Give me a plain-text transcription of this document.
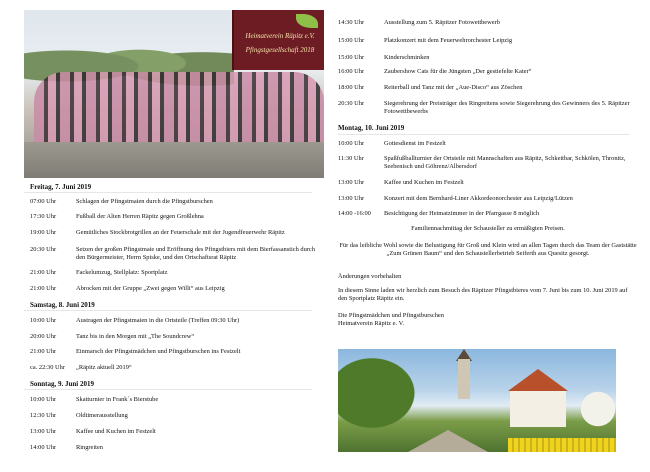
Heimatverein Räpitz e.V.
Pfingstgesellschaft 2018
Freitag, 7. Juni 2019
07:00 Uhr	Schlagen der Pfingstmaien durch die Pfingstburschen
17:30 Uhr	Fußball der Alten Herren Räpitz gegen Großlehna
19:00 Uhr	Gemütliches Stockbrotgrillen an der Feuerschale mit der Jugendfeuerwehr Räpitz
20:30 Uhr	Setzen der großen Pfingstmaie und Eröffnung des Pfingstbiers mit dem Bierfassanstich durch den Bürgermeister, Herrn Spiske, und den Ortschaftsrat Räpitz
21:00 Uhr	Fackelumzug, Stellplatz: Sportplatz
21:00 Uhr	Abrocken mit der Gruppe „Zwei gegen Willi“ aus Leipzig
Samstag, 8. Juni 2019
10:00 Uhr	Austragen der Pfingstmaien in die Ortsteile (Treffen 09:30 Uhr)
20:00 Uhr	Tanz bis in den Morgen mit „The Soundcrew“
21:00 Uhr	Einmarsch der Pfingstmädchen und Pfingstburschen ins Festzelt
ca. 22:30 Uhr	„Räpitz aktuell 2019“
Sonntag, 9. Juni 2019
10:00 Uhr	Skatturnier in Frank`s Bierstube
12:30 Uhr	Oldtimerausstellung
13:00 Uhr	Kaffee und Kuchen im Festzelt
14:00 Uhr	Ringreiten
14:30 Uhr	Ausstellung zum 5. Räpitzer Fotowettbewerb
15:00 Uhr	Platzkonzert mit dem Feuerwehrorchester Leipzig
15:00 Uhr	Kinderschminken
16:00 Uhr	Zaubershow Cats für die Jüngsten „Der gestiefelte Kater“
18:00 Uhr	Reiterball und Tanz mit der „Aue-Disco“ aus Zöschen
20:30 Uhr	Siegerehrung der Preisträger des Ringreitens sowie Siegerehrung des Gewinners des 5. Räpitzer Fotowettbewerbs
Montag, 10. Juni 2019
10:00 Uhr	Gottesdienst im Festzelt
11:30 Uhr	Spaßfußballturnier der Ortsteile mit Mannschaften aus Räpitz, Schkeitbar, Schkölen, Thronitz, Seebenisch und Göhrenz/Albersdorf
13:00 Uhr	Kaffee und Kuchen im Festzelt
13:00 Uhr	Konzert mit dem Bernhard-Liner Akkordeonorchester aus Leipzig/Lützen
14:00 -16:00	Besichtigung der Heimatzimmer in der Pfarrgasse 8 möglich
Familiennachmittag der Schausteller zu ermäßigten Preisen.
Für das leibliche Wohl sowie die Belustigung für Groß und Klein wird an allen Tagen durch das Team der Gaststätte „Zum Grünen Baum“ und den Schaustellerbetrieb Seiferth aus Quesitz gesorgt.
Änderungen vorbehalten
In diesem Sinne laden wir herzlich zum Besuch des Räpitzer Pfingstbieres vom 7. Juni bis zum 10. Juni 2019 auf den Sportplatz Räpitz ein.
Die Pfingstmädchen und Pfingstburschen
Heimatverein Räpitz e. V.
